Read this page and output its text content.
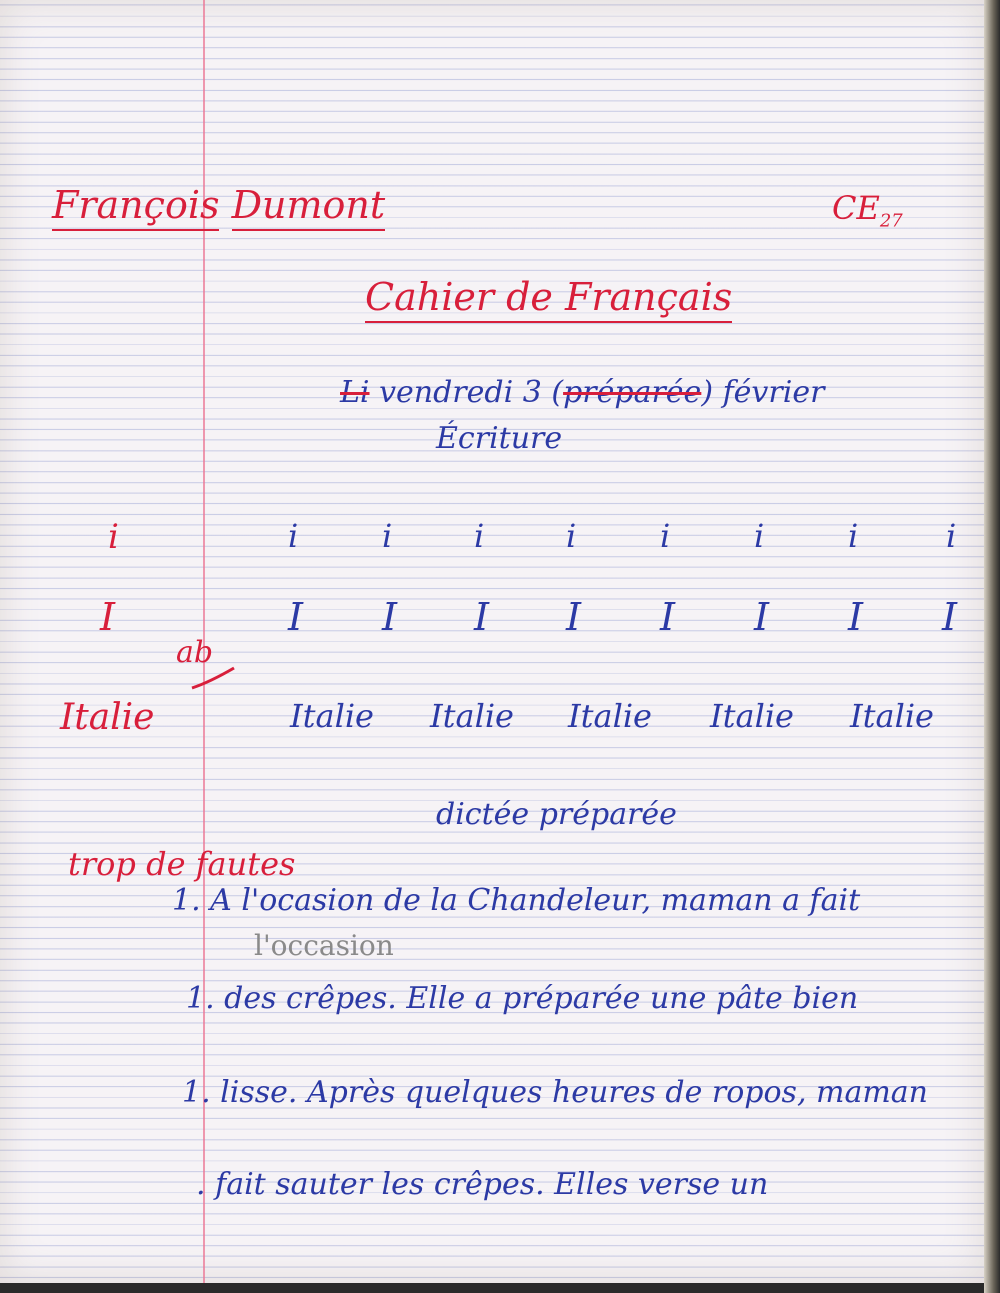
François Dumont	$CE_{27}$
Cahier de Français
Li vendredi 3 (préparée) février
Écriture
i	i	i	i	i	i	i	i	i
I	I I I I I I I I
ab
Italie	Italie Italie Italie Italie Italie
dictée préparée
trop de fautes
1. A l'ocasion de la Chandeleur, maman a fait
l'occasion
1. des crêpes. Elle a préparée une pâte bien
1. lisse. Après quelques heures de ropos, maman
. fait sauter les crêpes. Elles verse un
